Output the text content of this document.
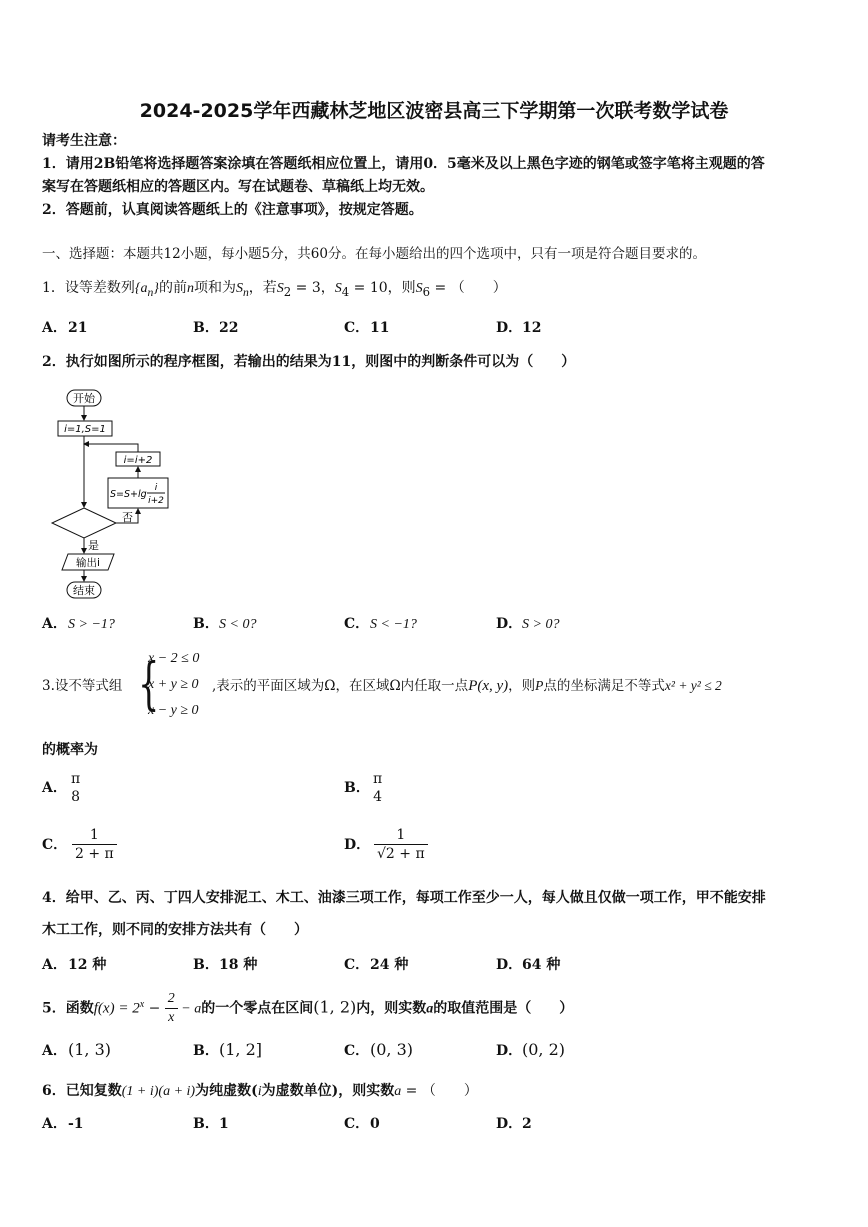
2024-2025学年西藏林芝地区波密县高三下学期第一次联考数学试卷
请考生注意：
1．请用2B铅笔将选择题答案涂填在答题纸相应位置上，请用0．5毫米及以上黑色字迹的钢笔或签字笔将主观题的答
案写在答题纸相应的答题区内。写在试题卷、草稿纸上均无效。
2．答题前，认真阅读答题纸上的《注意事项》，按规定答题。
一、选择题：本题共12小题，每小题5分，共60分。在每小题给出的四个选项中，只有一项是符合题目要求的。
1．设等差数列$\{a_n\}$的前n项和为$S_n$，若$S_2 = 3$，$S_4 = 10$，则$S_6$ = （　　）
A．21	B．22	C．11	D．12
2．执行如图所示的程序框图，若输出的结果为11，则图中的判断条件可以为（　　）
开始
i=1,S=1
i=i+2
S=S+lg
i
i+2
否
是
输出i
结束
A．S > −1?	B．S < 0?	C．S < −1?	D．S > 0?
3.设不等式组 {
x − 2 ≤ 0
x + y ≥ 0
x − y ≥ 0
,表示的平面区域为Ω，在区域Ω内任取一点P(x, y)，则P点的坐标满足不等式x² + y² ≤ 2
的概率为
A．
π
8
B．
π
4
C． $\frac{1}{2 + \pi}$	D． $\frac{1}{√2 + \pi}$
4．给甲、乙、丙、丁四人安排泥工、木工、油漆三项工作，每项工作至少一人，每人做且仅做一项工作，甲不能安排
木工工作，则不同的安排方法共有（　　）
A．12 种	B．18 种	C．24 种	D．64 种
5．函数$f(x) = 2^x - \frac{2}{x} - a$的一个零点在区间(1, 2)内，则实数a的取值范围是（　　）
A．(1, 3)	B．(1, 2]	C．(0, 3)	D．(0, 2)
6．已知复数(1 + i)(a + i)为纯虚数(i为虚数单位)，则实数a = （　　）
A．-1	B．1	C．0	D．2
